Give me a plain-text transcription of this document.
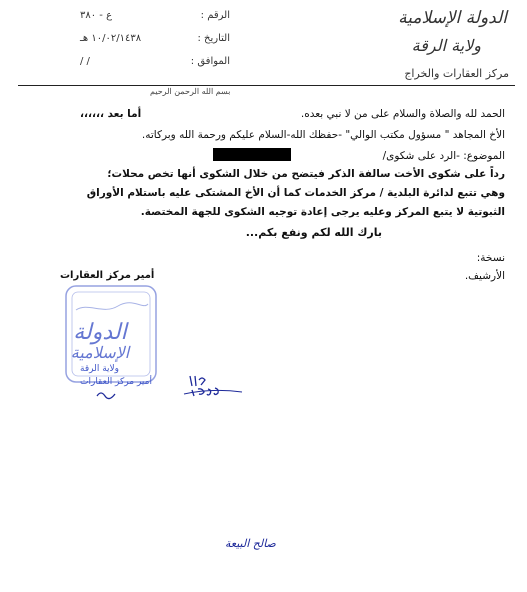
الرقم :
ع - ٣٨٠
التاريخ :
١٠/٠٢/١٤٣٨ هـ
الموافق :
/ /
الدولة الإسلامية
ولاية الرقة
مركز العقارات والخراج
بسم الله الرحمن الرحيم
الحمد لله والصلاة والسلام على من لا نبي بعده.
أما بعد ،،،،،،
الأخ المجاهد " مسؤول مكتب الوالي" -حفظك الله-السلام عليكم ورحمة الله وبركاته.
الموضوع: -الرد على شكوى/
رداً على شكوى الأخت سالفة الذكر فيتضح من خلال الشكوى أنها تخص محلات؛
وهي تتبع لدائرة البلدية / مركز الخدمات كما أن الأخ المشتكى عليه باستلام الأوراق
الثبوتية لا يتبع المركز وعليه يرجى إعادة توجيه الشكوى للجهة المختصة.
بارك الله لكم ونفع بكم...
نسخة:
الأرشيف.
أمير مركز العقارات
الدولة
الإسلامية
ولاية الرقة
أمير مركز العقارات
صالح البيعة
